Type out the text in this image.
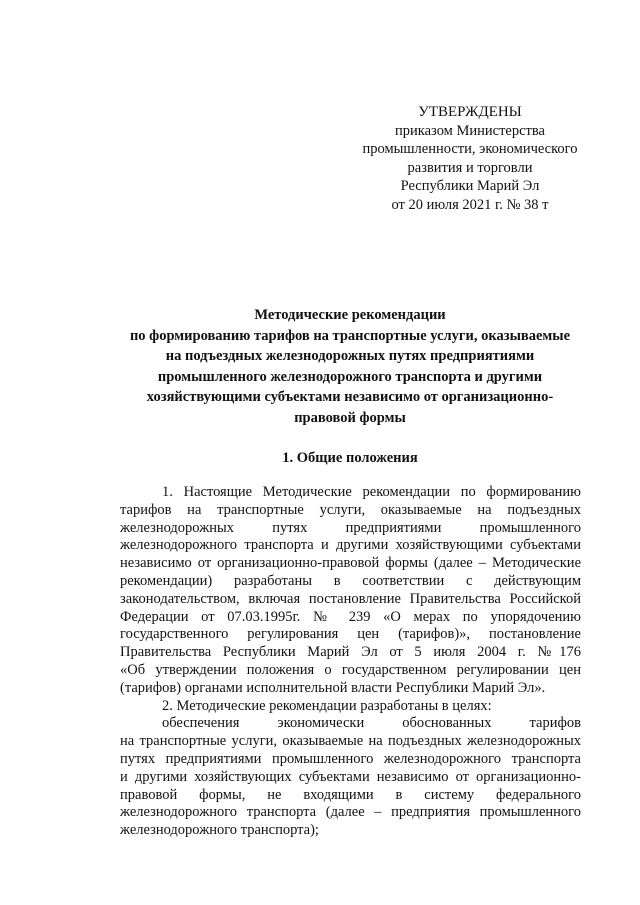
УТВЕРЖДЕНЫ
приказом Министерства
промышленности, экономического
развития и торговли
Республики Марий Эл
от 20 июля 2021 г. № 38 т
Методические рекомендации
по формированию тарифов на транспортные услуги, оказываемые
на подъездных железнодорожных путях предприятиями
промышленного железнодорожного транспорта и другими
хозяйствующими субъектами независимо от организационно-
правовой формы
1. Общие положения
1. Настоящие Методические рекомендации по формированию
тарифов на транспортные услуги, оказываемые на подъездных
железнодорожных путях предприятиями промышленного
железнодорожного транспорта и другими хозяйствующими субъектами
независимо от организационно-правовой формы (далее – Методические
рекомендации) разработаны в соответствии с действующим
законодательством, включая постановление Правительства Российской
Федерации от 07.03.1995г. № 239 «О мерах по упорядочению
государственного регулирования цен (тарифов)», постановление
Правительства Республики Марий Эл от 5 июля 2004 г. №176
«Об утверждении положения о государственном регулировании цен
(тарифов) органами исполнительной власти Республики Марий Эл».
2. Методические рекомендации разработаны в целях:
обеспечения экономически обоснованных тарифов
на транспортные услуги, оказываемые на подъездных железнодорожных
путях предприятиями промышленного железнодорожного транспорта
и другими хозяйствующих субъектами независимо от организационно-
правовой формы, не входящими в систему федерального
железнодорожного транспорта (далее – предприятия промышленного
железнодорожного транспорта);
